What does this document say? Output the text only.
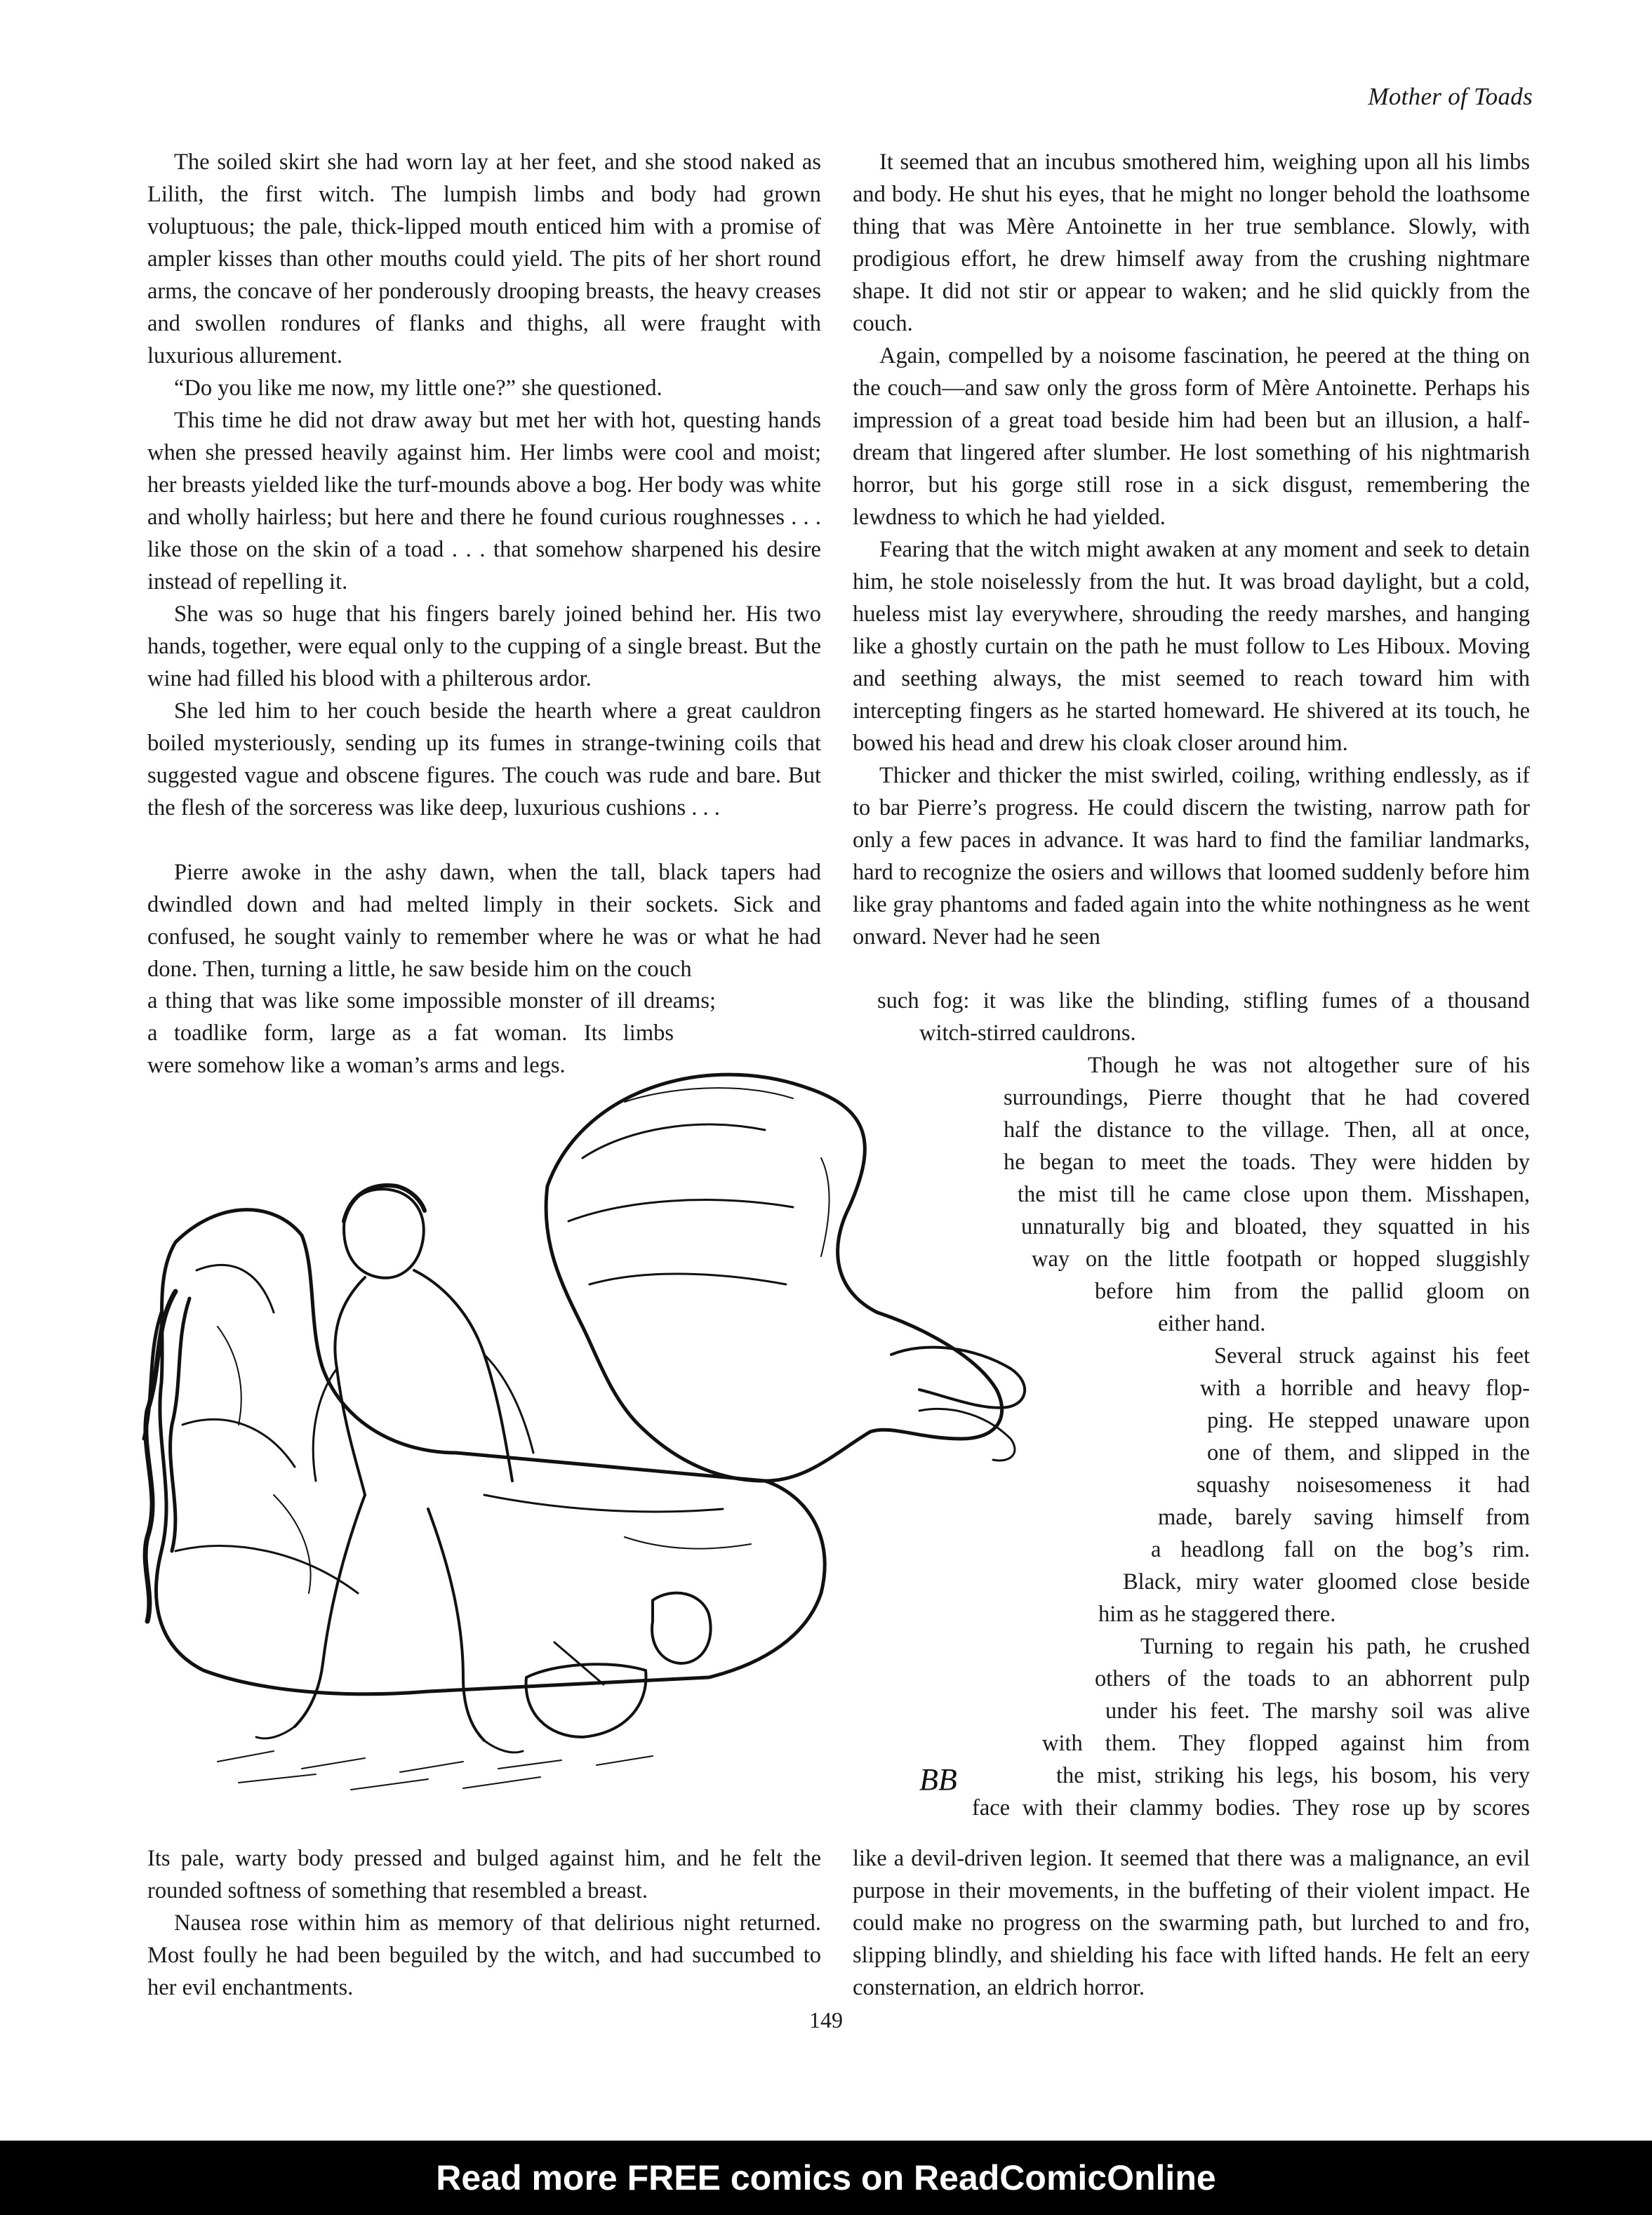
Mother of Toads

The soiled skirt she had worn lay at her feet, and she stood naked as Lilith, the first witch. The lumpish limbs and body had grown voluptuous; the pale, thick-lipped mouth enticed him with a promise of ampler kisses than other mouths could yield. The pits of her short round arms, the concave of her ponderously drooping breasts, the heavy creases and swollen rondures of flanks and thighs, all were fraught with luxurious allurement.

“Do you like me now, my little one?” she questioned.

This time he did not draw away but met her with hot, questing hands when she pressed heavily against him. Her limbs were cool and moist; her breasts yielded like the turf-mounds above a bog. Her body was white and wholly hairless; but here and there he found curious roughnesses . . . like those on the skin of a toad . . . that somehow sharpened his desire instead of repelling it.

She was so huge that his fingers barely joined behind her. His two hands, together, were equal only to the cupping of a single breast. But the wine had filled his blood with a philterous ardor.

She led him to her couch beside the hearth where a great cauldron boiled mysteriously, sending up its fumes in strange-twining coils that suggested vague and obscene figures. The couch was rude and bare. But the flesh of the sorceress was like deep, luxurious cushions . . .

Pierre awoke in the ashy dawn, when the tall, black tapers had dwindled down and had melted limply in their sockets. Sick and confused, he sought vainly to remember where he was or what he had done. Then, turning a little, he saw beside him on the couch

a thing that was like some impossible monster of ill dreams;
a toadlike form, large as a fat woman. Its limbs
were somehow like a woman’s arms and legs.
BB

Its pale, warty body pressed and bulged against him, and he felt the rounded softness of something that resembled a breast.

Nausea rose within him as memory of that delirious night returned. Most foully he had been beguiled by the witch, and had succumbed to her evil enchantments.

It seemed that an incubus smothered him, weighing upon all his limbs and body. He shut his eyes, that he might no longer behold the loathsome thing that was Mère Antoinette in her true semblance. Slowly, with prodigious effort, he drew himself away from the crushing nightmare shape. It did not stir or appear to waken; and he slid quickly from the couch.

Again, compelled by a noisome fascination, he peered at the thing on the couch—and saw only the gross form of Mère Antoinette. Perhaps his impression of a great toad beside him had been but an illusion, a half-dream that lingered after slumber. He lost something of his nightmarish horror, but his gorge still rose in a sick disgust, remembering the lewdness to which he had yielded.

Fearing that the witch might awaken at any moment and seek to detain him, he stole noiselessly from the hut. It was broad daylight, but a cold, hueless mist lay everywhere, shrouding the reedy marshes, and hanging like a ghostly curtain on the path he must follow to Les Hiboux. Moving and seething always, the mist seemed to reach toward him with intercepting fingers as he started homeward. He shivered at its touch, he bowed his head and drew his cloak closer around him.

Thicker and thicker the mist swirled, coiling, writhing endlessly, as if to bar Pierre’s progress. He could discern the twisting, narrow path for only a few paces in advance. It was hard to find the familiar landmarks, hard to recognize the osiers and willows that loomed suddenly before him like gray phantoms and faded again into the white nothingness as he went onward. Never had he seen

such fog: it was like the blinding, stifling fumes of a thousand
witch-stirred cauldrons.
Though he was not altogether sure of his
surroundings, Pierre thought that he had covered
half the distance to the village. Then, all at once,
he began to meet the toads. They were hidden by
the mist till he came close upon them. Misshapen,
unnaturally big and bloated, they squatted in his
way on the little footpath or hopped sluggishly
before him from the pallid gloom on
either hand.
Several struck against his feet
with a horrible and heavy flop-
ping. He stepped unaware upon
one of them, and slipped in the
squashy noisesomeness it had
made, barely saving himself from
a headlong fall on the bog’s rim.
Black, miry water gloomed close beside
him as he staggered there.
Turning to regain his path, he crushed
others of the toads to an abhorrent pulp
under his feet. The marshy soil was alive
with them. They flopped against him from
the mist, striking his legs, his bosom, his very
face with their clammy bodies. They rose up by scores

like a devil-driven legion. It seemed that there was a malignance, an evil purpose in their movements, in the buffeting of their violent impact. He could make no progress on the swarming path, but lurched to and fro, slipping blindly, and shielding his face with lifted hands. He felt an eery consternation, an eldrich horror.

149
Read more FREE comics on ReadComicOnline
